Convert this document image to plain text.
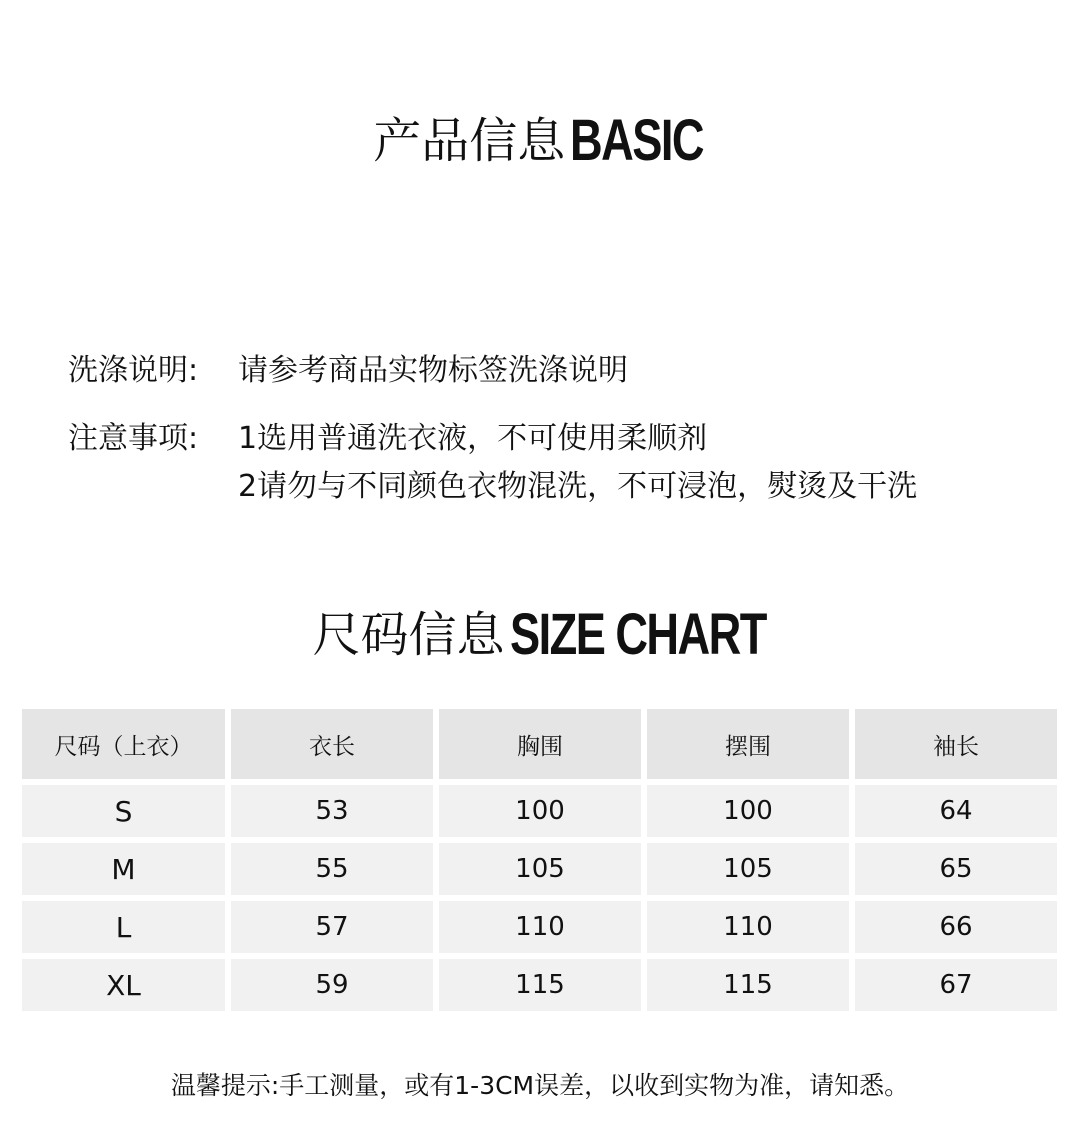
产品信息 BASIC
洗涤说明:	请参考商品实物标签洗涤说明
注意事项:	1选用普通洗衣液，不可使用柔顺剂
2请勿与不同颜色衣物混洗，不可浸泡，熨烫及干洗
尺码信息 SIZE CHART
尺码（上衣）	衣长	胸围	摆围	袖长
S	53	100	100	64
M	55	105	105	65
L	57	110	110	66
XL	59	115	115	67
温馨提示:手工测量，或有1-3CM误差，以收到实物为准，请知悉。
